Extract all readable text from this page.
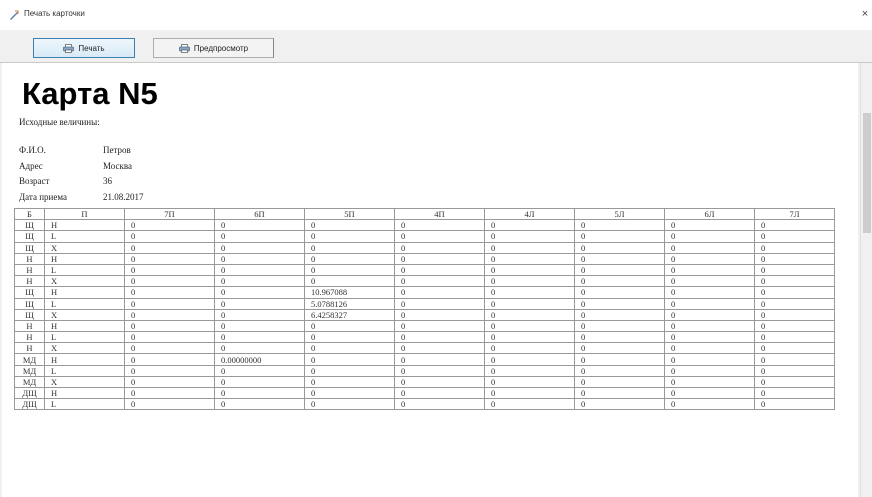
Печать карточки	×
Печать	Предпросмотр
Карта N5
Исходные величины:
Ф.И.О.	Петров
Адрес	Москва
Возраст	36
Дата приема	21.08.2017
Б	П	7П	6П	5П	4П	4Л	5Л	6Л	7Л
Щ	Н	0	0	0	0	0	0	0	0
Щ	L	0	0	0	0	0	0	0	0
Щ	X	0	0	0	0	0	0	0	0
Н	Н	0	0	0	0	0	0	0	0
Н	L	0	0	0	0	0	0	0	0
Н	X	0	0	0	0	0	0	0	0
Щ	Н	0	0	10.967088	0	0	0	0	0
Щ	L	0	0	5.0788126	0	0	0	0	0
Щ	X	0	0	6.4258327	0	0	0	0	0
Н	Н	0	0	0	0	0	0	0	0
Н	L	0	0	0	0	0	0	0	0
Н	X	0	0	0	0	0	0	0	0
МД	Н	0	0.00000000	0	0	0	0	0	0
МД	L	0	0	0	0	0	0	0	0
МД	X	0	0	0	0	0	0	0	0
ДЩ	Н	0	0	0	0	0	0	0	0
ДЩ	L	0	0	0	0	0	0	0	0
